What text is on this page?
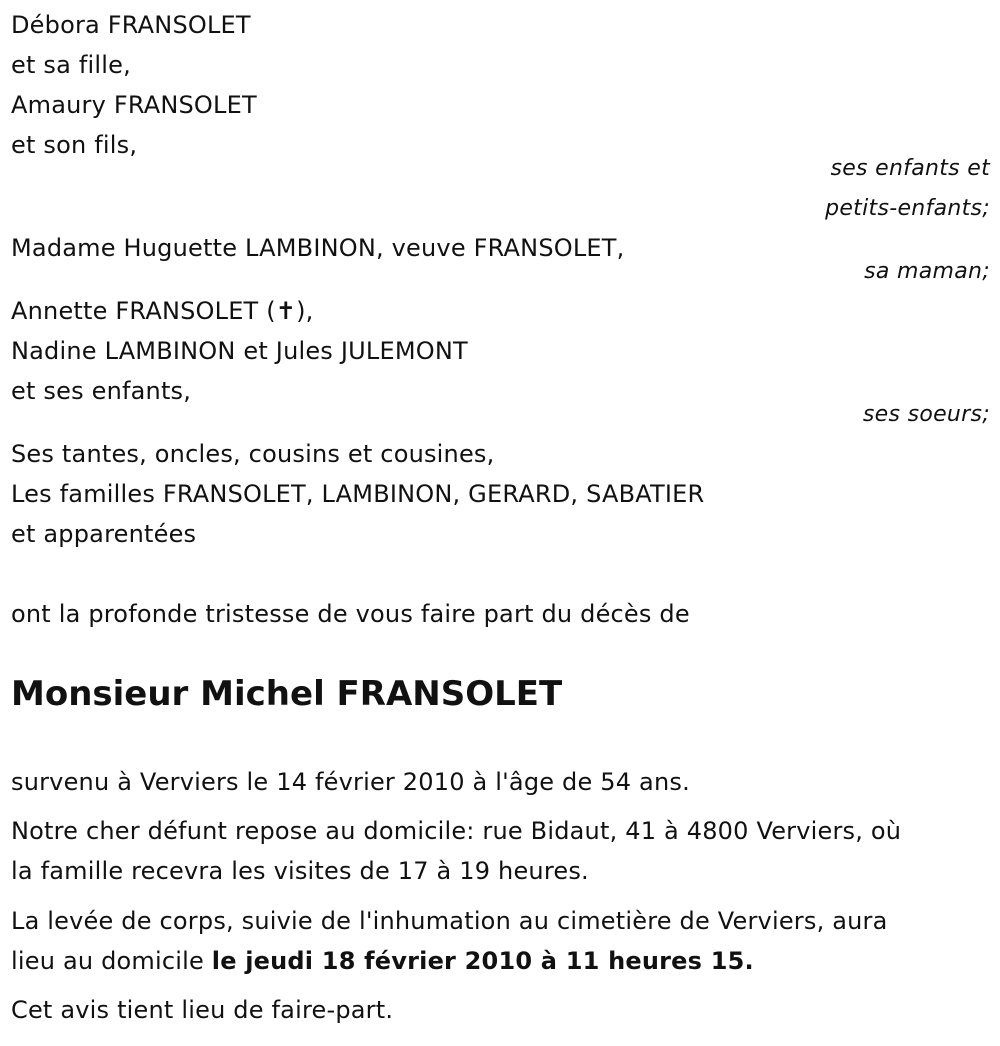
Débora FRANSOLET
et sa fille,
Amaury FRANSOLET
et son fils,
ses enfants et
petits-enfants;
Madame Huguette LAMBINON, veuve FRANSOLET,
sa maman;
Annette FRANSOLET (✝),
Nadine LAMBINON et Jules JULEMONT
et ses enfants,
ses soeurs;
Ses tantes, oncles, cousins et cousines,
Les familles FRANSOLET, LAMBINON, GERARD, SABATIER
et apparentées
ont la profonde tristesse de vous faire part du décès de
Monsieur Michel FRANSOLET
survenu à Verviers le 14 février 2010 à l'âge de 54 ans.
Notre cher défunt repose au domicile: rue Bidaut, 41 à 4800 Verviers, où
la famille recevra les visites de 17 à 19 heures.
La levée de corps, suivie de l'inhumation au cimetière de Verviers, aura
lieu au domicile le jeudi 18 février 2010 à 11 heures 15.
Cet avis tient lieu de faire-part.
